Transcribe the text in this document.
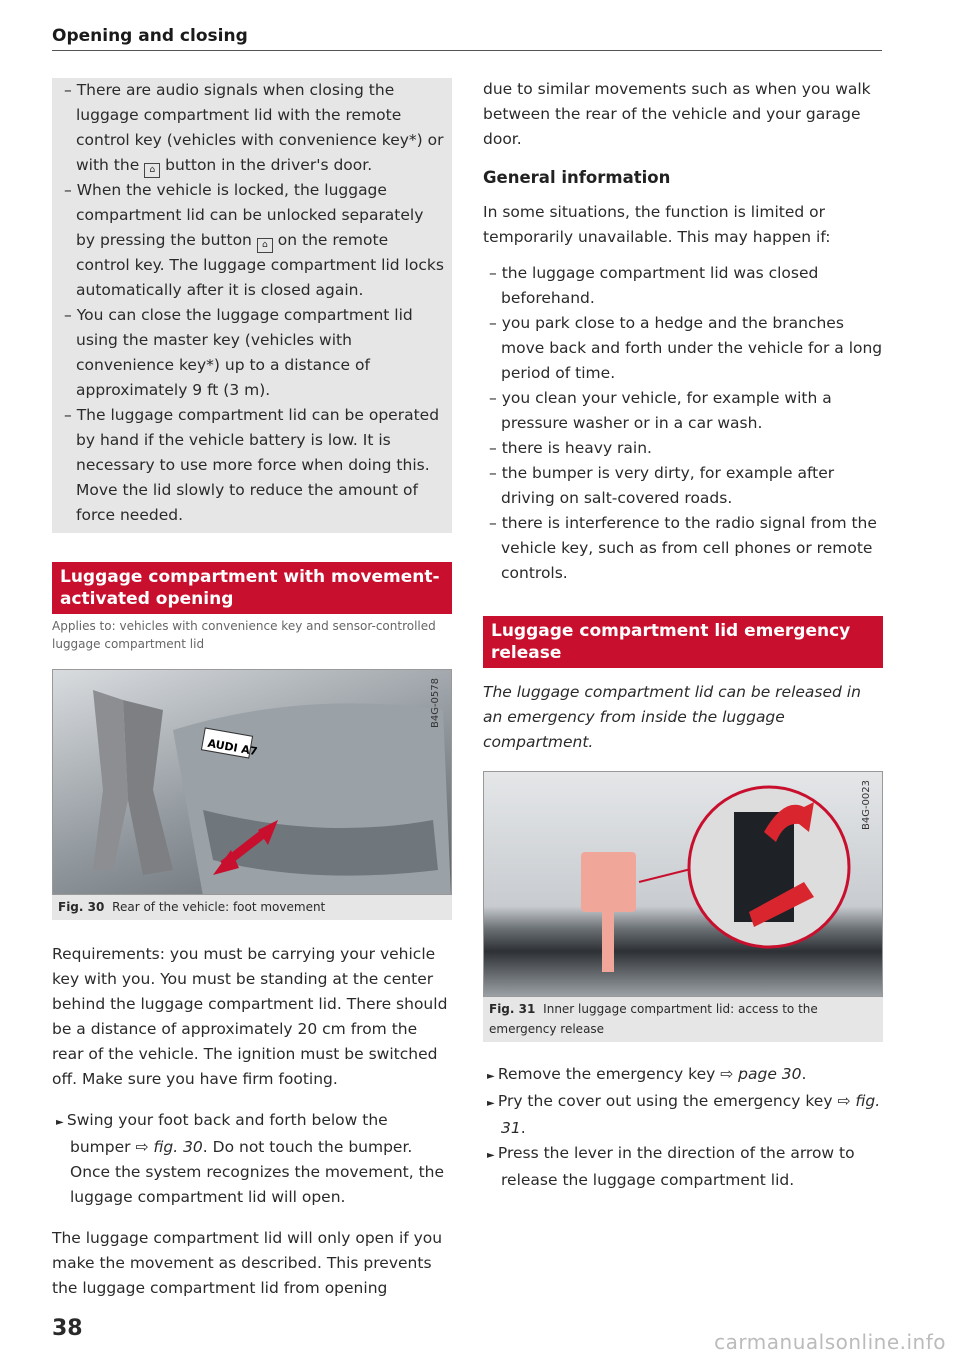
Opening and closing
– There are audio signals when closing the luggage compartment lid with the remote control key (vehicles with convenience key*) or with the ⌂ button in the driver's door.
– When the vehicle is locked, the luggage compartment lid can be unlocked separately by pressing the button ⌂ on the remote control key. The luggage compartment lid locks automatically after it is closed again.
– You can close the luggage compartment lid using the master key (vehicles with convenience key*) up to a distance of approximately 9 ft (3 m).
– The luggage compartment lid can be operated by hand if the vehicle battery is low. It is necessary to use more force when doing this. Move the lid slowly to reduce the amount of force needed.
Luggage compartment with movement-activated opening
Applies to: vehicles with convenience key and sensor-controlled luggage compartment lid
AUDI A7
B4G-0578
Fig. 30 Rear of the vehicle: foot movement

Requirements: you must be carrying your vehicle key with you. You must be standing at the center behind the luggage compartment lid. There should be a distance of approximately 20 cm from the rear of the vehicle. The ignition must be switched off. Make sure you have firm footing.

► Swing your foot back and forth below the bumper ⇨ fig. 30. Do not touch the bumper. Once the system recognizes the movement, the luggage compartment lid will open.

The luggage compartment lid will only open if you make the movement as described. This prevents the luggage compartment lid from opening

due to similar movements such as when you walk between the rear of the vehicle and your garage door.
General information

In some situations, the function is limited or temporarily unavailable. This may happen if:

– the luggage compartment lid was closed beforehand.
– you park close to a hedge and the branches move back and forth under the vehicle for a long period of time.
– you clean your vehicle, for example with a pressure washer or in a car wash.
– there is heavy rain.
– the bumper is very dirty, for example after driving on salt-covered roads.
– there is interference to the radio signal from the vehicle key, such as from cell phones or remote controls.
Luggage compartment lid emergency release

The luggage compartment lid can be released in an emergency from inside the luggage compartment.

B4G-0023
Fig. 31 Inner luggage compartment lid: access to the emergency release
► Remove the emergency key ⇨ page 30.
► Pry the cover out using the emergency key ⇨ fig. 31.
► Press the lever in the direction of the arrow to release the luggage compartment lid.
38
carmanualsonline.info
